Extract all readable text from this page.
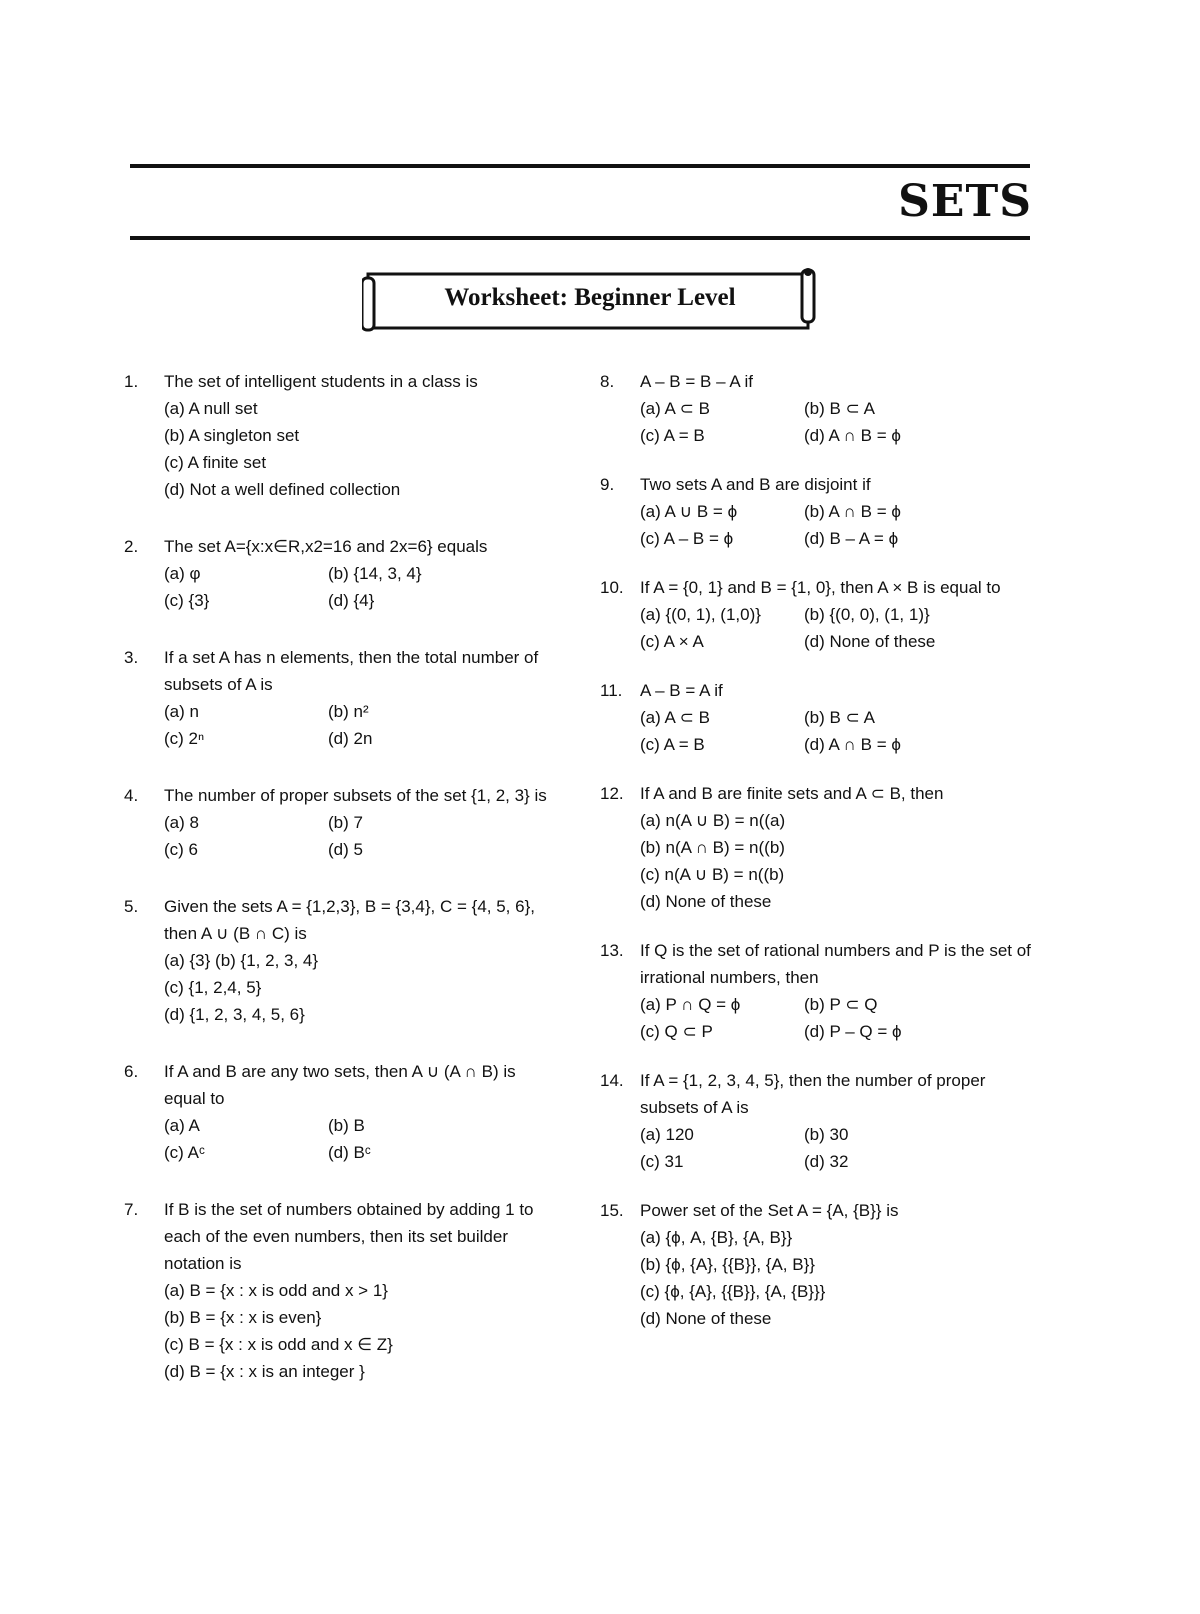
SETS
Worksheet: Beginner Level
1.	The set of intelligent students in a class is
(a) A null set
(b) A singleton set
(c) A finite set
(d) Not a well defined collection
2.	The set A={x:x∈R,x2=16 and 2x=6} equals
(a) φ	(b) {14, 3, 4}
(c) {3}	(d) {4}
3.	If a set A has n elements, then the total number of subsets of A is
(a) n	(b) n²
(c) 2ⁿ	(d) 2n
4.	The number of proper subsets of the set {1, 2, 3} is
(a) 8	(b) 7
(c) 6	(d) 5
5.	Given the sets A = {1,2,3}, B = {3,4}, C = {4, 5, 6}, then A ∪ (B ∩ C) is
(a) {3} (b) {1, 2, 3, 4}
(c) {1, 2,4, 5}
(d) {1, 2, 3, 4, 5, 6}
6.	If A and B are any two sets, then A ∪ (A ∩ B) is equal to
(a) A	(b) B
(c) Aᶜ	(d) Bᶜ
7.	If B is the set of numbers obtained by adding 1 to each of the even numbers, then its set builder notation is
(a) B = {x : x is odd and x > 1}
(b) B = {x : x is even}
(c) B = {x : x is odd and x ∈ Z}
(d) B = {x : x is an integer }
8.	A – B = B – A if
(a) A ⊂ B	(b) B ⊂ A
(c) A = B	(d) A ∩ B = ϕ
9.	Two sets A and B are disjoint if
(a) A ∪ B = ϕ	(b) A ∩ B = ϕ
(c) A – B = ϕ	(d) B – A = ϕ
10. If A = {0, 1} and B = {1, 0}, then A × B is equal to
(a) {(0, 1), (1,0)}	(b) {(0, 0), (1, 1)}
(c) A × A	(d) None of these
11.	A – B = A if
(a) A ⊂ B	(b) B ⊂ A
(c) A = B	(d) A ∩ B = ϕ
12. If A and B are finite sets and A ⊂ B, then
(a) n(A ∪ B) = n((a)
(b) n(A ∩ B) = n((b)
(c) n(A ∪ B) = n((b)
(d) None of these
13. If Q is the set of rational numbers and P is the set of irrational numbers, then
(a) P ∩ Q = ϕ	(b) P ⊂ Q
(c) Q ⊂ P	(d) P – Q = ϕ
14. If A = {1, 2, 3, 4, 5}, then the number of proper subsets of A is
(a) 120	(b) 30
(c) 31	(d) 32
15. Power set of the Set A = {A, {B}} is
(a) {ϕ, A, {B}, {A, B}}
(b) {ϕ, {A}, {{B}}, {A, B}}
(c) {ϕ, {A}, {{B}}, {A, {B}}}
(d) None of these
